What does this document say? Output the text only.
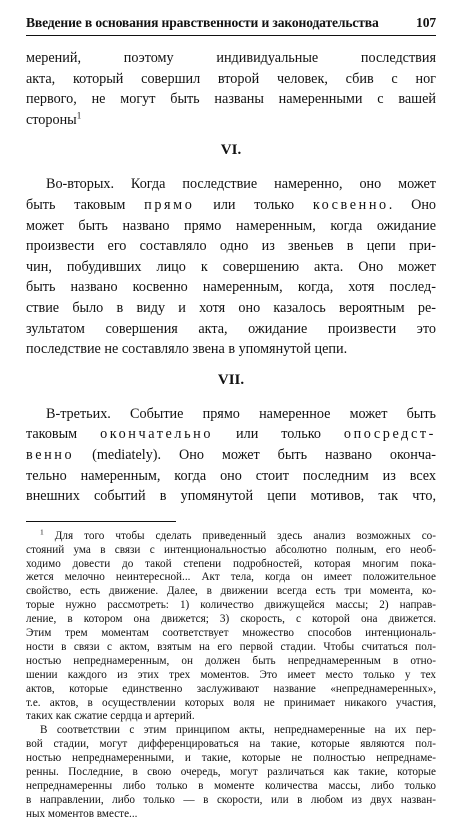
Введение в основания нравственности и законодательства	107
мерений, поэтому индивидуальные последствия
акта, который совершил второй человек, сбив с ног
первого, не могут быть названы намеренными с вашей
стороны$^1$
VI.
Во-вторых. Когда последствие намеренно, оно может
быть таковым прямо или только косвенно. Оно
может быть названо прямо намеренным, когда ожидание
произвести его составляло одно из звеньев в цепи при-
чин, побудивших лицо к совершению акта. Оно может
быть названо косвенно намеренным, когда, хотя послед-
ствие было в виду и хотя оно казалось вероятным ре-
зультатом совершения акта, ожидание произвести это
последствие не составляло звена в упомянутой цепи.
VII.
В-третьих. Событие прямо намеренное может быть
таковым окончательно или только опосредст-
венно (mediately). Оно может быть названо оконча-
тельно намеренным, когда оно стоит последним из всех
внешних событий в упомянутой цепи мотивов, так что,
$^1$ Для того чтобы сделать приведенный здесь анализ возможных со-
стояний ума в связи с интенциональностью абсолютно полным, его необ-
ходимо довести до такой степени подробностей, которая многим пока-
жется мелочно неинтересной... Акт тела, когда он имеет положительное
свойство, есть движение. Далее, в движении всегда есть три момента, ко-
торые нужно рассмотреть: 1) количество движущейся массы; 2) направ-
ление, в котором она движется; 3) скорость, с которой она движется.
Этим трем моментам соответствует множество способов интенциональ-
ности в связи с актом, взятым на его первой стадии. Чтобы считаться пол-
ностью непреднамеренным, он должен быть непреднамеренным в отно-
шении каждого из этих трех моментов. Это имеет место только у тех
актов, которые единственно заслуживают название «непреднамеренных»,
т.е. актов, в осуществлении которых воля не принимает никакого участия,
таких как сжатие сердца и артерий.
В соответствии с этим принципом акты, непреднамеренные на их пер-
вой стадии, могут дифференцироваться на такие, которые являются пол-
ностью непреднамеренными, и такие, которые не полностью непреднаме-
ренны. Последние, в свою очередь, могут различаться как такие, которые
непреднамеренны либо только в моменте количества массы, либо только
в направлении, либо только — в скорости, или в любом из двух назван-
ных моментов вместе...
